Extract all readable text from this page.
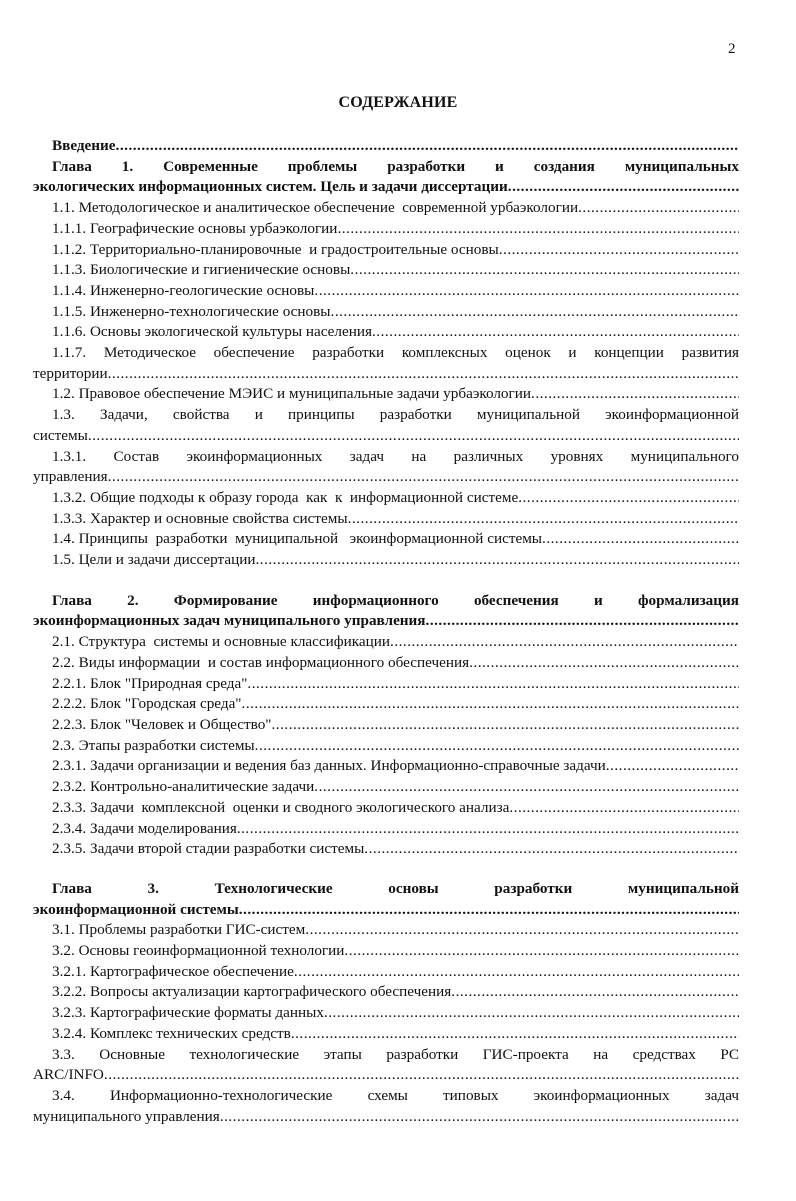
2
СОДЕРЖАНИЕ
Введение
.....
Глава 1. Современные проблемы разработки и создания муниципальных
экологических информационных систем. Цель и задачи диссертации
.....
1.1. Методологическое и аналитическое обеспечение  современной урбаэкологии
.....
1.1.1. Географические основы урбаэкологии
.....
1.1.2. Территориально-планировочные  и градостроительные основы
.....
1.1.3. Биологические и гигиенические основы
.....
1.1.4. Инженерно-геологические основы
.....
1.1.5. Инженерно-технологические основы
.....
1.1.6. Основы экологической культуры населения
.....
1.1.7. Методическое обеспечение разработки комплексных оценок и концепции развития
территории
.....
1.2. Правовое обеспечение МЭИС и муниципальные задачи урбаэкологии
.....
1.3. Задачи, свойства и принципы разработки муниципальной экоинформационной
системы
.....
1.3.1. Состав экоинформационных задач на различных уровнях муниципального
управления
.....
1.3.2. Общие подходы к образу города  как  к  информационной системе
.....
1.3.3. Характер и основные свойства системы
.....
1.4. Принципы  разработки  муниципальной   экоинформационной системы
.....
1.5. Цели и задачи диссертации
.....
Глава 2. Формирование информационного обеспечения и формализация
экоинформационных задач муниципального управления
.....
2.1. Структура  системы и основные классификации
.....
2.2. Виды информации  и состав информационного обеспечения
.....
2.2.1. Блок "Природная среда"
.....
2.2.2. Блок "Городская среда"
.....
2.2.3. Блок "Человек и Общество"
.....
2.3. Этапы разработки системы
.....
2.3.1. Задачи организации и ведения баз данных. Информационно-справочные задачи
.....
2.3.2. Контрольно-аналитические задачи
.....
2.3.3. Задачи  комплексной  оценки и сводного экологического анализа
.....
2.3.4. Задачи моделирования
.....
2.3.5. Задачи второй стадии разработки системы
.....
Глава 3. Технологические основы разработки муниципальной
экоинформационной системы
.....
3.1. Проблемы разработки ГИС-систем
.....
3.2. Основы геоинформационной технологии
.....
3.2.1. Картографическое обеспечение
.....
3.2.2. Вопросы актуализации картографического обеспечения
.....
3.2.3. Картографические форматы данных
.....
3.2.4. Комплекс технических средств
.....
3.3. Основные технологические этапы разработки ГИС-проекта на средствах PC
ARC/INFO
.....
3.4. Информационно-технологические схемы типовых экоинформационных задач
муниципального управления
.....
